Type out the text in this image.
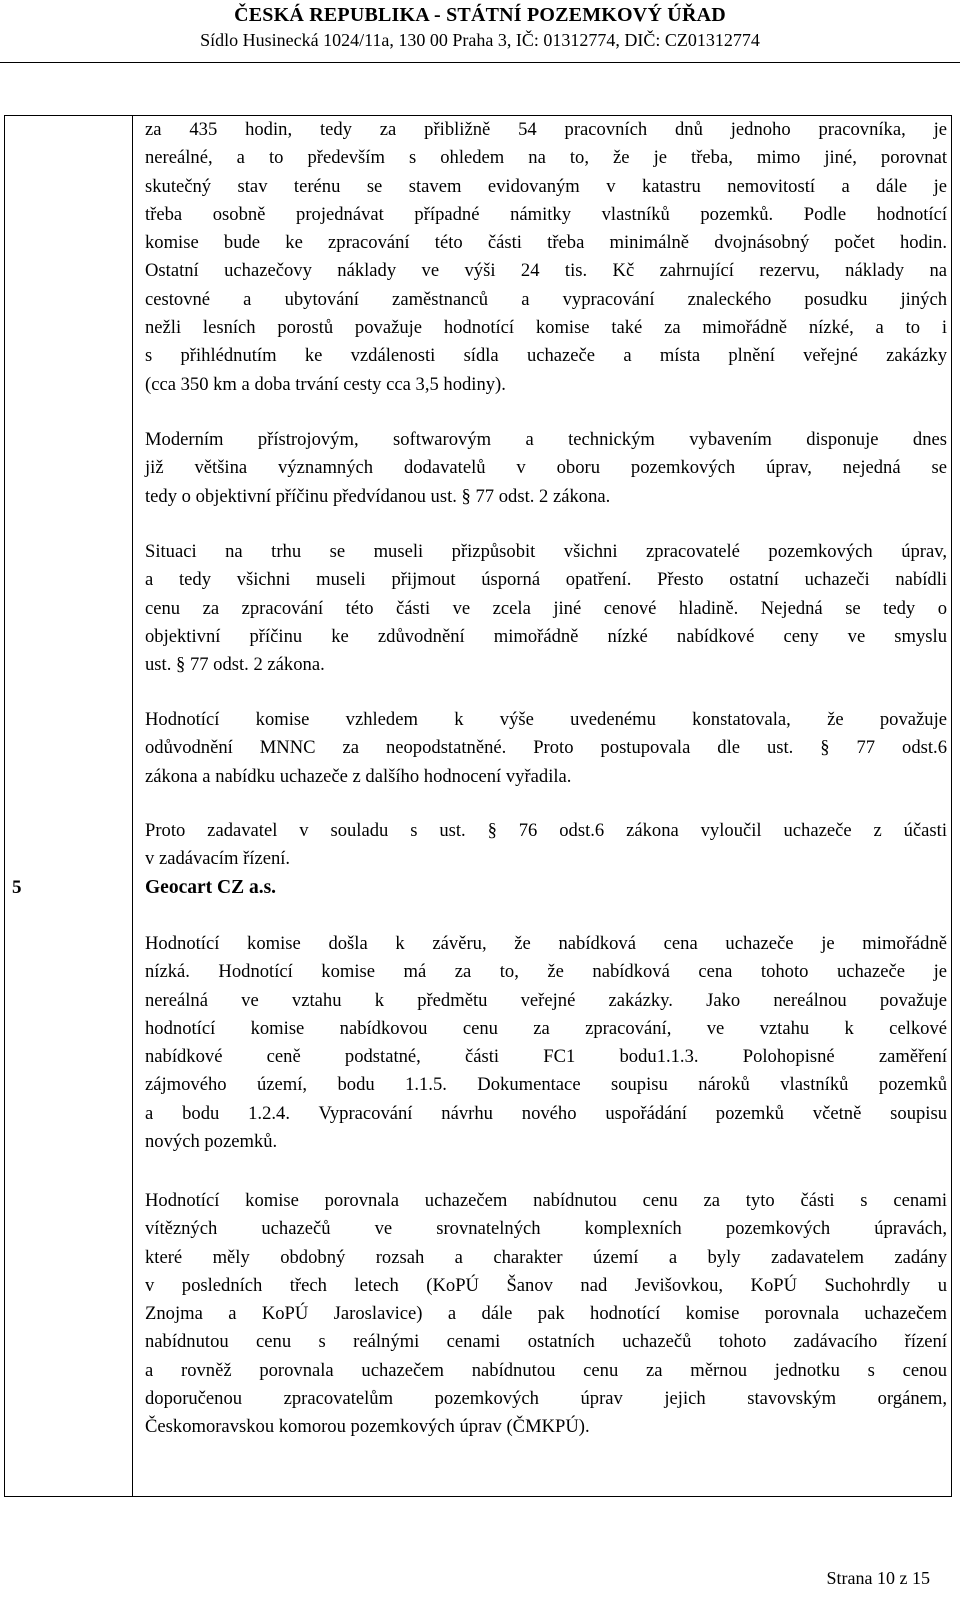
ČESKÁ REPUBLIKA - STÁTNÍ POZEMKOVÝ ÚŘAD
Sídlo Husinecká 1024/11a, 130 00 Praha 3, IČ: 01312774, DIČ: CZ01312774
za 435 hodin, tedy za přibližně 54 pracovních dnů jednoho pracovníka, je
nereálné, a to především s ohledem na to, že je třeba, mimo jiné, porovnat
skutečný stav terénu se stavem evidovaným v katastru nemovitostí a dále je
třeba osobně projednávat případné námitky vlastníků pozemků. Podle hodnotící
komise bude ke zpracování této části třeba minimálně dvojnásobný počet hodin.
Ostatní uchazečovy náklady ve výši 24 tis. Kč zahrnující rezervu, náklady na
cestovné a ubytování zaměstnanců a vypracování znaleckého posudku jiných
nežli lesních porostů považuje hodnotící komise také za mimořádně nízké, a to i
s přihlédnutím ke vzdálenosti sídla uchazeče a místa plnění veřejné zakázky
(cca 350 km a doba trvání cesty cca 3,5 hodiny).
Moderním přístrojovým, softwarovým a technickým vybavením disponuje dnes
již většina významných dodavatelů v oboru pozemkových úprav, nejedná se
tedy o objektivní příčinu předvídanou ust. § 77 odst. 2 zákona.
Situaci na trhu se museli přizpůsobit všichni zpracovatelé pozemkových úprav,
a tedy všichni museli přijmout úsporná opatření. Přesto ostatní uchazeči nabídli
cenu za zpracování této části ve zcela jiné cenové hladině. Nejedná se tedy o
objektivní příčinu ke zdůvodnění mimořádně nízké nabídkové ceny ve smyslu
ust. § 77 odst. 2 zákona.
Hodnotící komise vzhledem k výše uvedenému konstatovala, že považuje
odůvodnění MNNC za neopodstatněné. Proto postupovala dle ust. § 77 odst.6
zákona a nabídku uchazeče z dalšího hodnocení vyřadila.
Proto zadavatel v souladu s ust. § 76 odst.6 zákona vyloučil uchazeče z účasti
v zadávacím řízení.
5	Geocart CZ a.s.
Hodnotící komise došla k závěru, že nabídková cena uchazeče je mimořádně
nízká. Hodnotící komise má za to, že nabídková cena tohoto uchazeče je
nereálná ve vztahu k předmětu veřejné zakázky. Jako nereálnou považuje
hodnotící komise nabídkovou cenu za zpracování, ve vztahu k celkové
nabídkové ceně podstatné, části FC1 bodu1.1.3. Polohopisné zaměření
zájmového území, bodu 1.1.5. Dokumentace soupisu nároků vlastníků pozemků
a bodu 1.2.4. Vypracování návrhu nového uspořádání pozemků včetně soupisu
nových pozemků.
Hodnotící komise porovnala uchazečem nabídnutou cenu za tyto části s cenami
vítězných uchazečů ve srovnatelných komplexních pozemkových úpravách,
které měly obdobný rozsah a charakter území a byly zadavatelem zadány
v posledních třech letech (KoPÚ Šanov nad Jevišovkou, KoPÚ Suchohrdly u
Znojma a KoPÚ Jaroslavice) a dále pak hodnotící komise porovnala uchazečem
nabídnutou cenu s reálnými cenami ostatních uchazečů tohoto zadávacího řízení
a rovněž porovnala uchazečem nabídnutou cenu za měrnou jednotku s cenou
doporučenou zpracovatelům pozemkových úprav jejich stavovským orgánem,
Českomoravskou komorou pozemkových úprav (ČMKPÚ).
Strana 10 z 15
